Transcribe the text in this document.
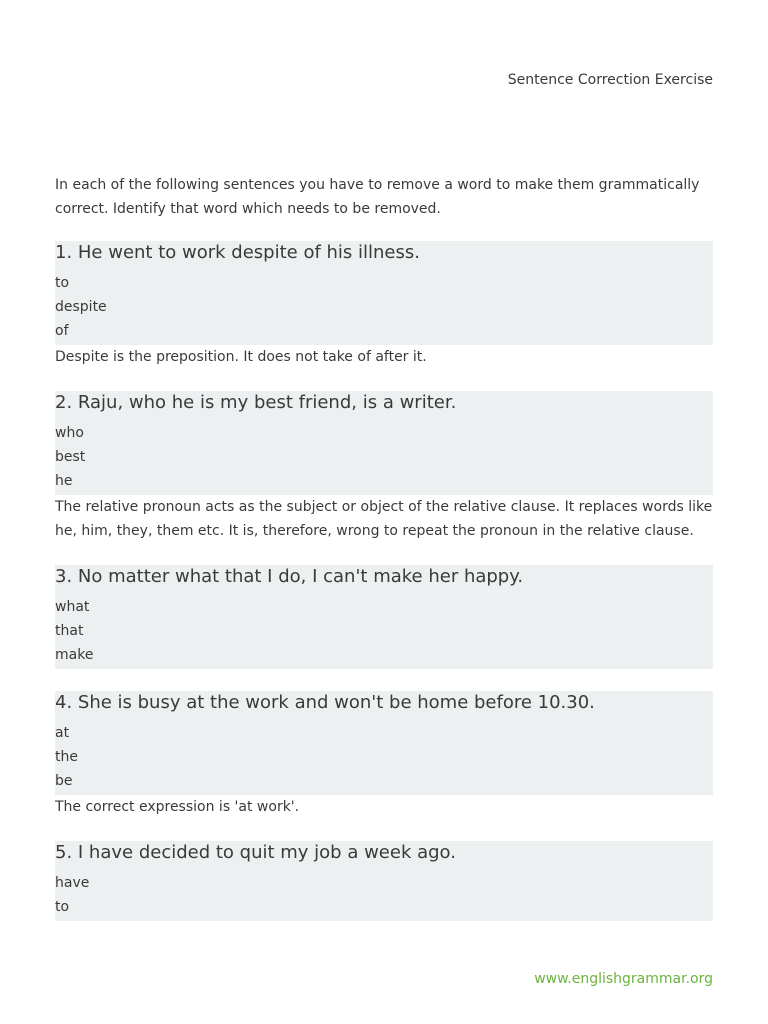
Sentence Correction Exercise

In each of the following sentences you have to remove a word to make them grammatically correct. Identify that word which needs to be removed.

1. He went to work despite of his illness.
to
despite
of
Despite is the preposition. It does not take of after it.
2. Raju, who he is my best friend, is a writer.
who
best
he
The relative pronoun acts as the subject or object of the relative clause. It replaces words like he, him, they, them etc. It is, therefore, wrong to repeat the pronoun in the relative clause.
3. No matter what that I do, I can't make her happy.
what
that
make
4. She is busy at the work and won't be home before 10.30.
at
the
be
The correct expression is 'at work'.
5. I have decided to quit my job a week ago.
have
to
www.englishgrammar.org
